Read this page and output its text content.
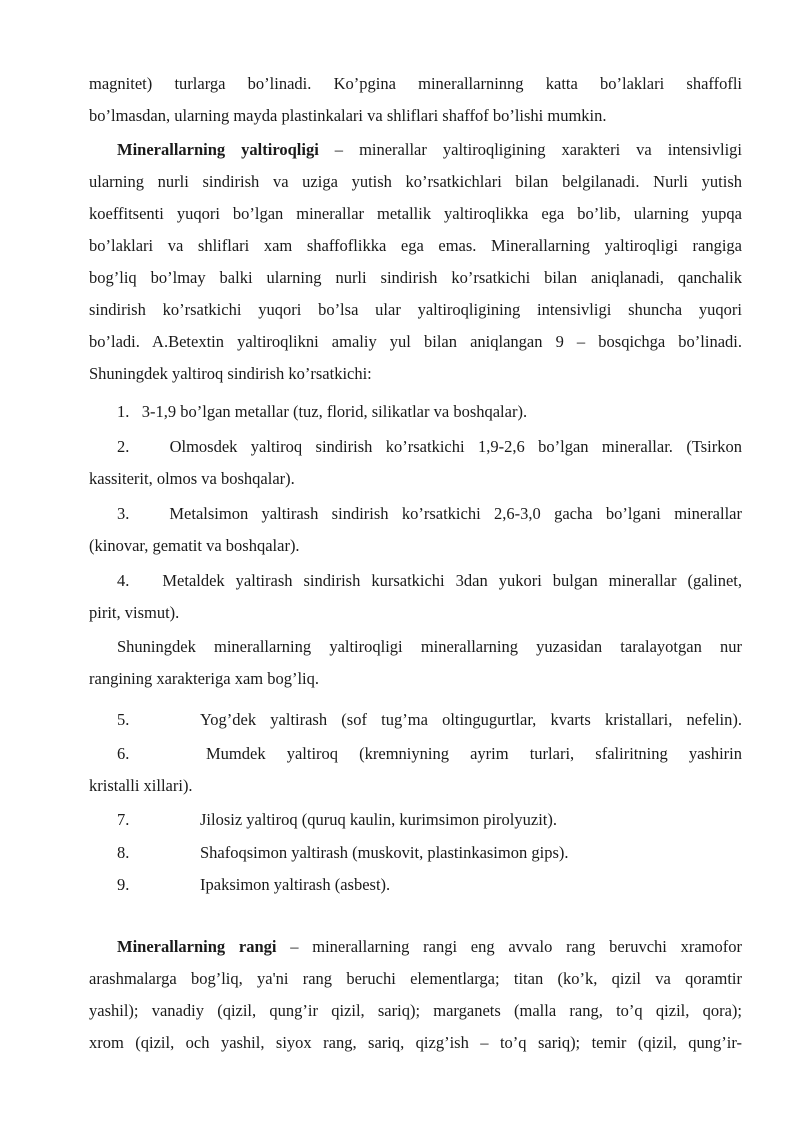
magnitet) turlarga bo’linadi. Ko’pgina minerallarninng katta bo’laklari shaffofli
bo’lmasdan, ularning mayda plastinkalari va shliflari shaffof bo’lishi mumkin.
Minerallarning yaltiroqligi – minerallar yaltiroqligining xarakteri va intensivligi
ularning nurli sindirish va uziga yutish ko’rsatkichlari bilan belgilanadi. Nurli yutish
koeffitsenti yuqori bo’lgan minerallar metallik yaltiroqlikka ega bo’lib, ularning yupqa
bo’laklari va shliflari xam shaffoflikka ega emas. Minerallarning yaltiroqligi rangiga
bog’liq bo’lmay balki ularning nurli sindirish ko’rsatkichi bilan aniqlanadi, qanchalik
sindirish ko’rsatkichi yuqori bo’lsa ular yaltiroqligining intensivligi shuncha yuqori
bo’ladi. A.Betextin yaltiroqlikni amaliy yul bilan aniqlangan 9 – bosqichga bo’linadi.
Shuningdek yaltiroq sindirish ko’rsatkichi:
1. 3-1,9 bo’lgan metallar (tuz, florid, silikatlar va boshqalar).
2. Olmosdek yaltiroq sindirish ko’rsatkichi 1,9-2,6 bo’lgan minerallar. (Tsirkon
kassiterit, olmos va boshqalar).
3. Metalsimon yaltirash sindirish ko’rsatkichi 2,6-3,0 gacha bo’lgani minerallar
(kinovar, gematit va boshqalar).
4. Metaldek yaltirash sindirish kursatkichi 3dan yukori bulgan minerallar (galinet,
pirit, vismut).
Shuningdek minerallarning yaltiroqligi minerallarning yuzasidan taralayotgan nur
rangining xarakteriga xam bog’liq.
5.	Yog’dek yaltirash (sof tug’ma oltingugurtlar, kvarts kristallari, nefelin).
6.	Mumdek yaltiroq (kremniyning ayrim turlari, sfaliritning yashirin
kristalli xillari).
7.	Jilosiz yaltiroq (quruq kaulin, kurimsimon pirolyuzit).
8.	Shafoqsimon yaltirash (muskovit, plastinkasimon gips).
9.	Ipaksimon yaltirash (asbest).
Minerallarning rangi – minerallarning rangi eng avvalo rang beruvchi xramofor
arashmalarga bog’liq, ya'ni rang beruchi elementlarga; titan (ko’k, qizil va qoramtir
yashil); vanadiy (qizil, qung’ir qizil, sariq); marganets (malla rang, to’q qizil, qora);
xrom (qizil, och yashil, siyox rang, sariq, qizg’ish – to’q sariq); temir (qizil, qung’ir-
